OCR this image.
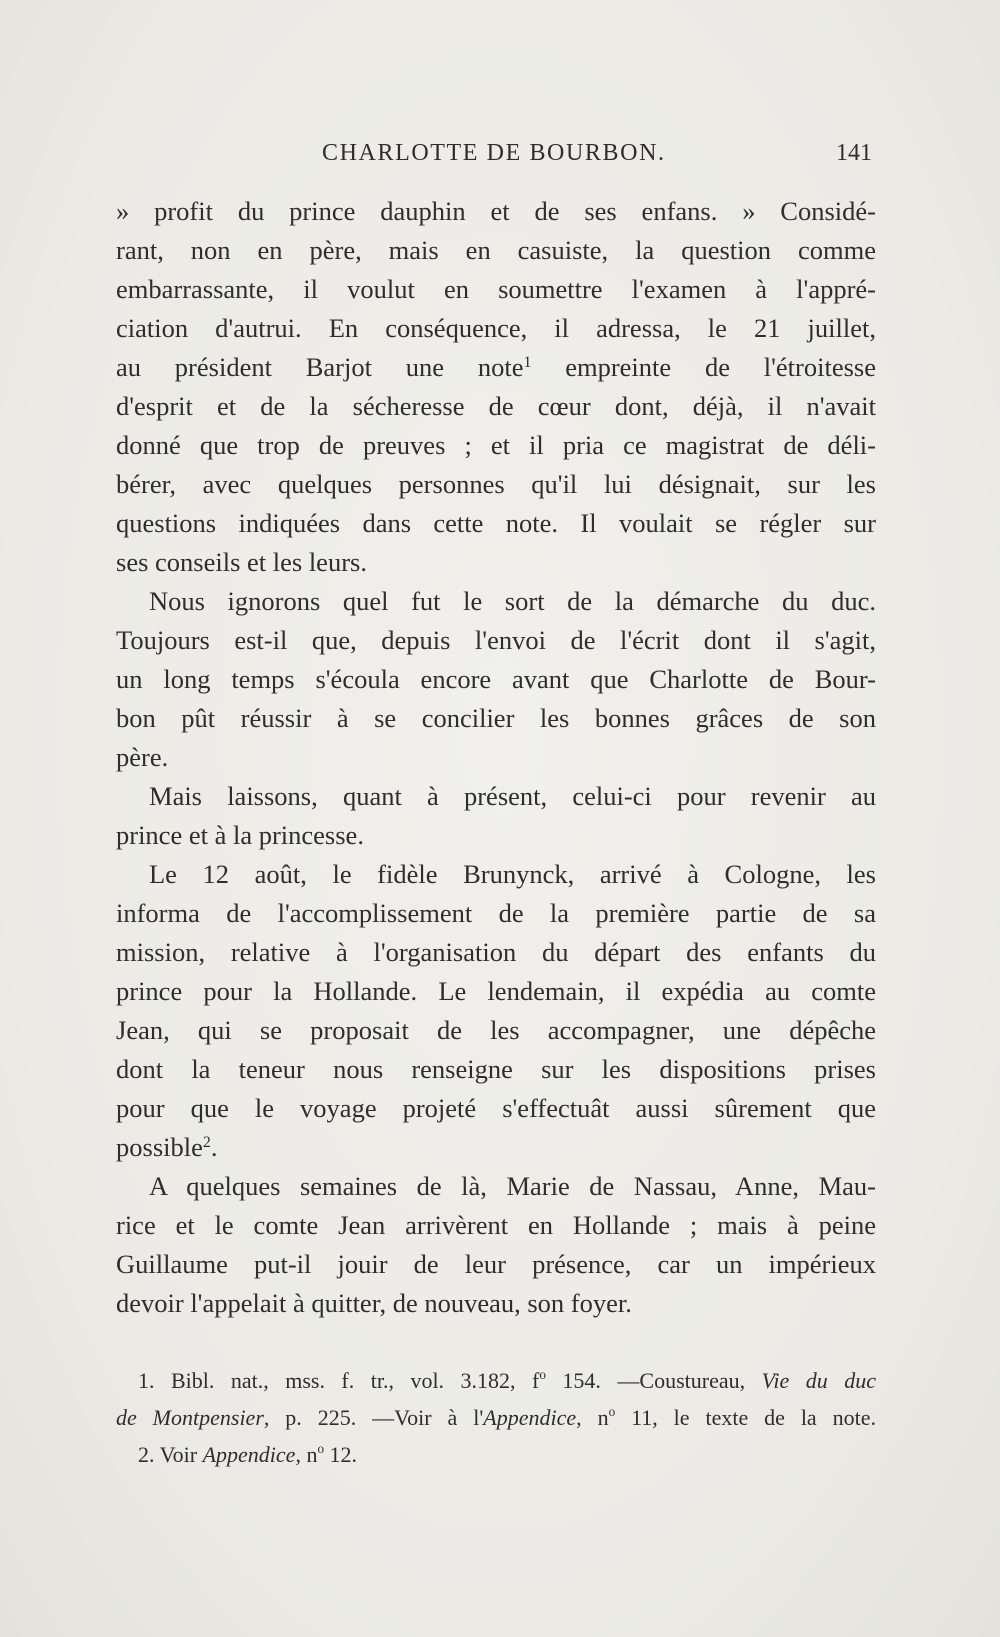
CHARLOTTE DE BOURBON.	141
» profit du prince dauphin et de ses enfans. » Considé-
rant, non en père, mais en casuiste, la question comme
embarrassante, il voulut en soumettre l'examen à l'appré-
ciation d'autrui. En conséquence, il adressa, le 21 juillet,
au président Barjot une note$^1$ empreinte de l'étroitesse
d'esprit et de la sécheresse de cœur dont, déjà, il n'avait
donné que trop de preuves ; et il pria ce magistrat de déli-
bérer, avec quelques personnes qu'il lui désignait, sur les
questions indiquées dans cette note. Il voulait se régler sur
ses conseils et les leurs.
Nous ignorons quel fut le sort de la démarche du duc.
Toujours est-il que, depuis l'envoi de l'écrit dont il s'agit,
un long temps s'écoula encore avant que Charlotte de Bour-
bon pût réussir à se concilier les bonnes grâces de son
père.
Mais laissons, quant à présent, celui-ci pour revenir au
prince et à la princesse.
Le 12 août, le fidèle Brunynck, arrivé à Cologne, les
informa de l'accomplissement de la première partie de sa
mission, relative à l'organisation du départ des enfants du
prince pour la Hollande. Le lendemain, il expédia au comte
Jean, qui se proposait de les accompagner, une dépêche
dont la teneur nous renseigne sur les dispositions prises
pour que le voyage projeté s'effectuât aussi sûrement que
possible$^2$.
A quelques semaines de là, Marie de Nassau, Anne, Mau-
rice et le comte Jean arrivèrent en Hollande ; mais à peine
Guillaume put-il jouir de leur présence, car un impérieux
devoir l'appelait à quitter, de nouveau, son foyer.
1. Bibl. nat., mss. f. tr., vol. 3.182, $f^o$ 154. —Coustureau, Vie du duc
de Montpensier, p. 225. —Voir à l'Appendice, $n^o$ 11, le texte de la note.
2. Voir Appendice, $n^o$ 12.
